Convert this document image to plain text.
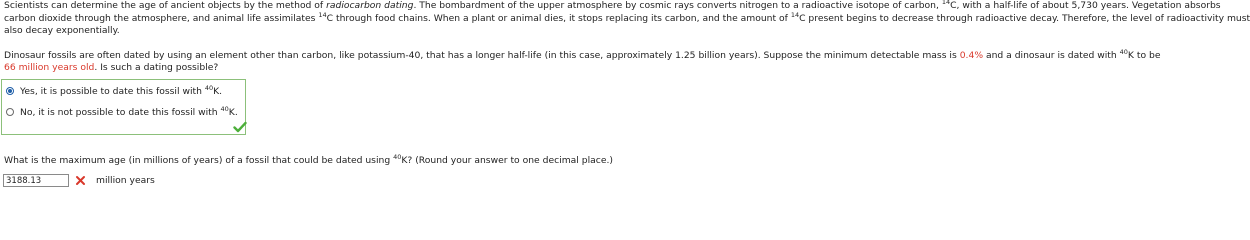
Scientists can determine the age of ancient objects by the method of radiocarbon dating. The bombardment of the upper atmosphere by cosmic rays converts nitrogen to a radioactive isotope of carbon, $^{14}$C, with a half-life of about 5,730 years. Vegetation absorbs
carbon dioxide through the atmosphere, and animal life assimilates $^{14}$C through food chains. When a plant or animal dies, it stops replacing its carbon, and the amount of $^{14}$C present begins to decrease through radioactive decay. Therefore, the level of radioactivity must
also decay exponentially.
Dinosaur fossils are often dated by using an element other than carbon, like potassium-40, that has a longer half-life (in this case, approximately 1.25 billion years). Suppose the minimum detectable mass is 0.4% and a dinosaur is dated with $^{40}$K to be
66 million years old. Is such a dating possible?
Yes, it is possible to date this fossil with $^{40}$K.
No, it is not possible to date this fossil with $^{40}$K.
What is the maximum age (in millions of years) of a fossil that could be dated using $^{40}$K? (Round your answer to one decimal place.)
3188.13
million years
